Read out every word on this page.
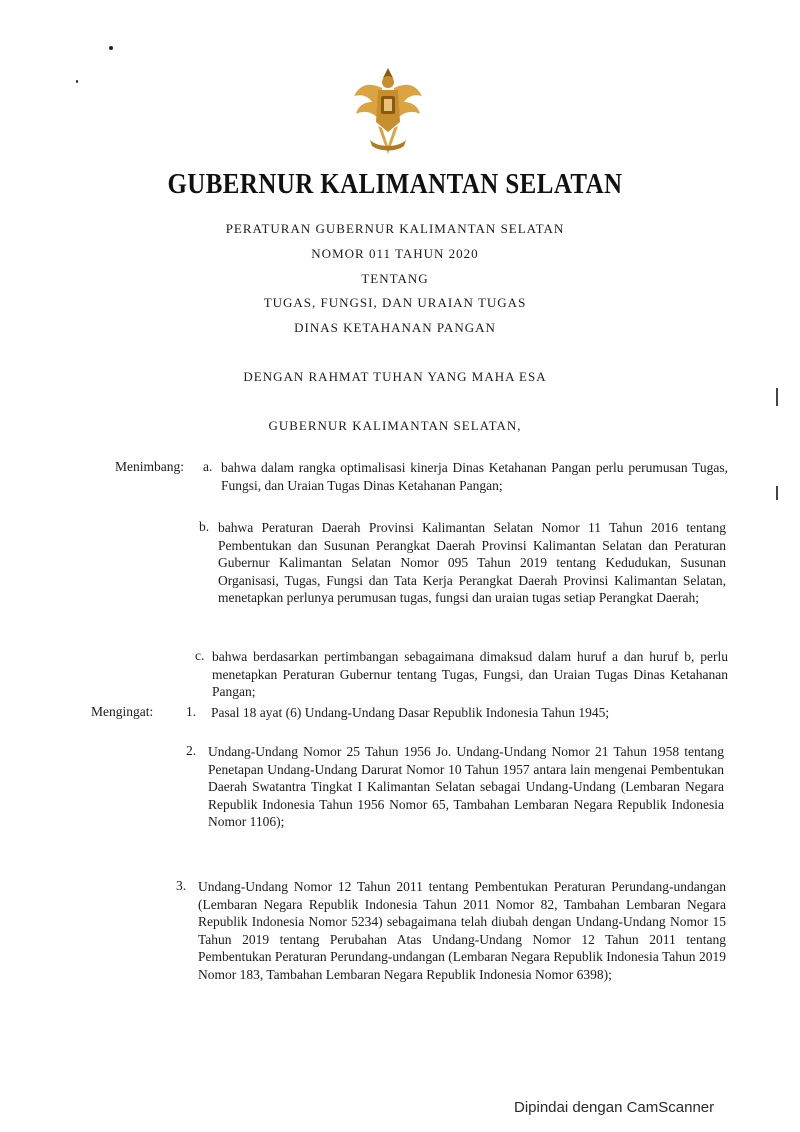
GUBERNUR KALIMANTAN SELATAN
PERATURAN GUBERNUR KALIMANTAN SELATAN
NOMOR 011 TAHUN 2020
TENTANG
TUGAS, FUNGSI, DAN URAIAN TUGAS
DINAS KETAHANAN PANGAN
DENGAN RAHMAT TUHAN YANG MAHA ESA
GUBERNUR KALIMANTAN SELATAN,
Menimbang: a. bahwa dalam rangka optimalisasi kinerja Dinas Ketahanan Pangan perlu perumusan Tugas, Fungsi, dan Uraian Tugas Dinas Ketahanan Pangan;
b. bahwa Peraturan Daerah Provinsi Kalimantan Selatan Nomor 11 Tahun 2016 tentang Pembentukan dan Susunan Perangkat Daerah Provinsi Kalimantan Selatan dan Peraturan Gubernur Kalimantan Selatan Nomor 095 Tahun 2019 tentang Kedudukan, Susunan Organisasi, Tugas, Fungsi dan Tata Kerja Perangkat Daerah Provinsi Kalimantan Selatan, menetapkan perlunya perumusan tugas, fungsi dan uraian tugas setiap Perangkat Daerah;
c. bahwa berdasarkan pertimbangan sebagaimana dimaksud dalam huruf a dan huruf b, perlu menetapkan Peraturan Gubernur tentang Tugas, Fungsi, dan Uraian Tugas Dinas Ketahanan Pangan;
Mengingat: 1. Pasal 18 ayat (6) Undang-Undang Dasar Republik Indonesia Tahun 1945;
2. Undang-Undang Nomor 25 Tahun 1956 Jo. Undang-Undang Nomor 21 Tahun 1958 tentang Penetapan Undang-Undang Darurat Nomor 10 Tahun 1957 antara lain mengenai Pembentukan Daerah Swatantra Tingkat I Kalimantan Selatan sebagai Undang-Undang (Lembaran Negara Republik Indonesia Tahun 1956 Nomor 65, Tambahan Lembaran Negara Republik Indonesia Nomor 1106);
3. Undang-Undang Nomor 12 Tahun 2011 tentang Pembentukan Peraturan Perundang-undangan (Lembaran Negara Republik Indonesia Tahun 2011 Nomor 82, Tambahan Lembaran Negara Republik Indonesia Nomor 5234) sebagaimana telah diubah dengan Undang-Undang Nomor 15 Tahun 2019 tentang Perubahan Atas Undang-Undang Nomor 12 Tahun 2011 tentang Pembentukan Peraturan Perundang-undangan (Lembaran Negara Republik Indonesia Tahun 2019 Nomor 183, Tambahan Lembaran Negara Republik Indonesia Nomor 6398);
Dipindai dengan CamScanner
